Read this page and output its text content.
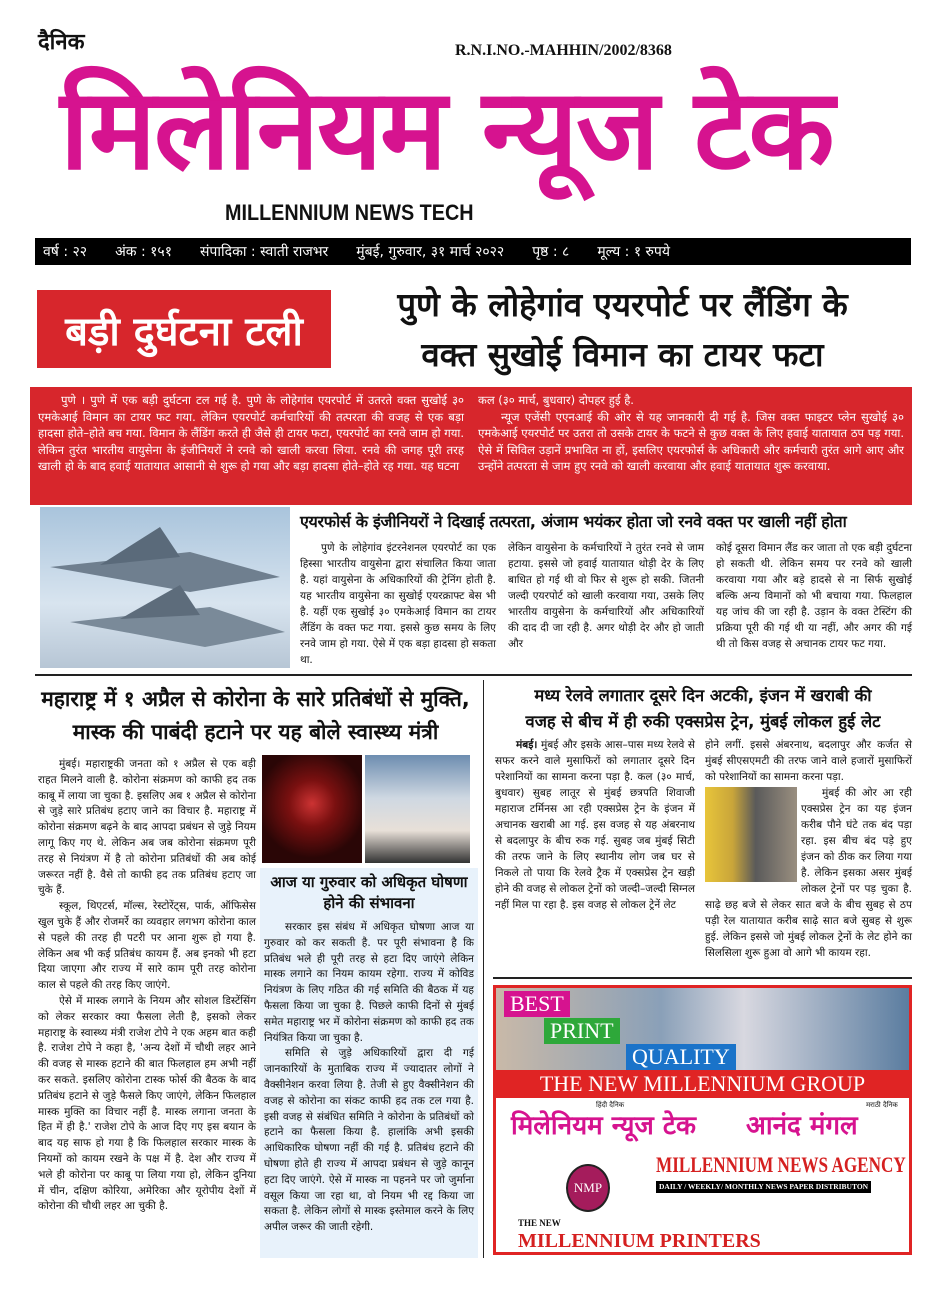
दैनिक	R.N.I.NO.-MAHHIN/2002/8368
मिलेनियम न्यूज टेक
MILLENNIUM NEWS TECH
वर्ष : २२ अंक : १५१ संपादिका : स्वाती राजभर मुंबई, गुरुवार, ३१ मार्च २०२२ पृष्ठ : ८ मूल्य : १ रुपये
बड़ी दुर्घटना टली
पुणे के लोहेगांव एयरपोर्ट पर लैंडिंग के
वक्त सुखोई विमान का टायर फटा

पुणे । पुणे में एक बड़ी दुर्घटना टल गई है. पुणे के लोहेगांव एयरपोर्ट में उतरते वक्त सुखोई ३० एमकेआई विमान का टायर फट गया. लेकिन एयरपोर्ट कर्मचारियों की तत्परता की वजह से एक बड़ा हादसा होते–होते बच गया. विमान के लैंडिंग करते ही जैसे ही टायर फटा, एयरपोर्ट का रनवे जाम हो गया. लेकिन तुरंत भारतीय वायुसेना के इंजीनियरों ने रनवे को खाली करवा लिया. रनवे की जगह पूरी तरह खाली हो के बाद हवाई यातायात आसानी से शुरू हो गया और बड़ा हादसा होते–होते रह गया. यह घटना

कल (३० मार्च, बुधवार) दोपहर हुई है.

न्यूज एजेंसी एएनआई की ओर से यह जानकारी दी गई है. जिस वक्त फाइटर प्लेन सुखोई ३० एमकेआई एयरपोर्ट पर उतरा तो उसके टायर के फटने से कुछ वक्त के लिए हवाई यातायात ठप पड़ गया. ऐसे में सिविल उड़ानें प्रभावित ना हों, इसलिए एयरफोर्स के अधिकारी और कर्मचारी तुरंत आगे आए और उन्होंने तत्परता से जाम हुए रनवे को खाली करवाया और हवाई यातायात शुरू करवाया.

एयरफोर्स के इंजीनियरों ने दिखाई तत्परता, अंजाम भयंकर होता जो रनवे वक्त पर खाली नहीं होता

पुणे के लोहेगांव इंटरनेशनल एयरपोर्ट का एक हिस्सा भारतीय वायुसेना द्वारा संचालित किया जाता है. यहां वायुसेना के अधिकारियों की ट्रेनिंग होती है. यह भारतीय वायुसेना का सुखोई एयरक्राफ्ट बेस भी है. यहीं एक सुखोई ३० एमकेआई विमान का टायर लैंडिंग के वक्त फट गया. इससे कुछ समय के लिए रनवे जाम हो गया. ऐसे में एक बड़ा हादसा हो सकता था.

लेकिन वायुसेना के कर्मचारियों ने तुरंत रनवे से जाम हटाया. इससे जो हवाई यातायात थोड़ी देर के लिए बाधित हो गई थी वो फिर से शुरू हो सकी. जितनी जल्दी एयरपोर्ट को खाली करवाया गया, उसके लिए भारतीय वायुसेना के कर्मचारियों और अधिकारियों की दाद दी जा रही है. अगर थोड़ी देर और हो जाती और

कोई दूसरा विमान लैंड कर जाता तो एक बड़ी दुर्घटना हो सकती थी. लेकिन समय पर रनवे को खाली करवाया गया और बड़े हादसे से ना सिर्फ सुखोई बल्कि अन्य विमानों को भी बचाया गया. फिलहाल यह जांच की जा रही है. उड़ान के वक्त टेस्टिंग की प्रक्रिया पूरी की गई थी या नहीं, और अगर की गई थी तो किस वजह से अचानक टायर फट गया.

महाराष्ट्र में १ अप्रैल से कोरोना के सारे प्रतिबंधों से मुक्ति,
मास्क की पाबंदी हटाने पर यह बोले स्वास्थ्य मंत्री

मुंबई। महाराष्ट्रकी जनता को १ अप्रैल से एक बड़ी राहत मिलने वाली है. कोरोना संक्रमण को काफी हद तक काबू में लाया जा चुका है. इसलिए अब १ अप्रैल से कोरोना से जुड़े सारे प्रतिबंध हटाए जाने का विचार है. महाराष्ट्र में कोरोना संक्रमण बढ़ने के बाद आपदा प्रबंधन से जुड़े नियम लागू किए गए थे. लेकिन अब जब कोरोना संक्रमण पूरी तरह से नियंत्रण में है तो कोरोना प्रतिबंधों की अब कोई जरूरत नहीं है. वैसे तो काफी हद तक प्रतिबंध हटाए जा चुके हैं.

स्कूल, थिएटर्स, मॉल्स, रेस्टोरेंट्स, पार्क, ऑफिसेस खुल चुके हैं और रोजमर्रे का व्यवहार लगभग कोरोना काल से पहले की तरह ही पटरी पर आना शुरू हो गया है. लेकिन अब भी कई प्रतिबंध कायम हैं. अब इनको भी हटा दिया जाएगा और राज्य में सारे काम पूरी तरह कोरोना काल से पहले की तरह किए जाएंगे.

ऐसे में मास्क लगाने के नियम और सोशल डिस्टेंसिंग को लेकर सरकार क्या फैसला लेती है, इसको लेकर महाराष्ट्र के स्वास्थ्य मंत्री राजेश टोपे ने एक अहम बात कही है. राजेश टोपे ने कहा है, 'अन्य देशों में चौथी लहर आने की वजह से मास्क हटाने की बात फिलहाल हम अभी नहीं कर सकते. इसलिए कोरोना टास्क फोर्स की बैठक के बाद प्रतिबंध हटाने से जुड़े फैसले किए जाएंगे, लेकिन फिलहाल मास्क मुक्ति का विचार नहीं है. मास्क लगाना जनता के हित में ही है.' राजेश टोपे के आज दिए गए इस बयान के बाद यह साफ हो गया है कि फिलहाल सरकार मास्क के नियमों को कायम रखने के पक्ष में है. देश और राज्य में भले ही कोरोना पर काबू पा लिया गया हो, लेकिन दुनिया में चीन, दक्षिण कोरिया, अमेरिका और यूरोपीय देशों में कोरोना की चौथी लहर आ चुकी है.

आज या गुरुवार को अधिकृत घोषणा होने की संभावना

सरकार इस संबंध में अधिकृत घोषणा आज या गुरुवार को कर सकती है. पर पूरी संभावना है कि प्रतिबंध भले ही पूरी तरह से हटा दिए जाएंगे लेकिन मास्क लगाने का नियम कायम रहेगा. राज्य में कोविड नियंत्रण के लिए गठित की गई समिति की बैठक में यह फैसला किया जा चुका है. पिछले काफी दिनों से मुंबई समेत महाराष्ट्र भर में कोरोना संक्रमण को काफी हद तक नियंत्रित किया जा चुका है.

समिति से जुड़े अधिकारियों द्वारा दी गई जानकारियों के मुताबिक राज्य में ज्यादातर लोगों ने वैक्सीनेशन करवा लिया है. तेजी से हुए वैक्सीनेशन की वजह से कोरोना का संकट काफी हद तक टल गया है. इसी वजह से संबंधित समिति ने कोरोना के प्रतिबंधों को हटाने का फैसला किया है. हालांकि अभी इसकी आधिकारिक घोषणा नहीं की गई है. प्रतिबंध हटाने की घोषणा होते ही राज्य में आपदा प्रबंधन से जुड़े कानून हटा दिए जाएंगे. ऐसे में मास्क ना पहनने पर जो जुर्माना वसूल किया जा रहा था, वो नियम भी रद्द किया जा सकता है. लेकिन लोगों से मास्क इस्तेमाल करने के लिए अपील जरूर की जाती रहेगी.

मध्य रेलवे लगातार दूसरे दिन अटकी, इंजन में खराबी की
वजह से बीच में ही रुकी एक्सप्रेस ट्रेन, मुंबई लोकल हुई लेट
मंबई। मुंबई और इसके आस–पास मध्य रेलवे से सफर करने वाले मुसाफिरों को लगातार दूसरे दिन परेशानियों का सामना करना पड़ा है. कल (३० मार्च, बुधवार) सुबह लातूर से मुंबई छत्रपति शिवाजी महाराज टर्मिनस आ रही एक्सप्रेस ट्रेन के इंजन में अचानक खराबी आ गई. इस वजह से यह अंबरनाथ से बदलापुर के बीच रुक गई. सुबह जब मुंबई सिटी की तरफ जाने के लिए स्थानीय लोग जब घर से निकले तो पाया कि रेलवे ट्रैक में एक्सप्रेस ट्रेन खड़ी होने की वजह से लोकल ट्रेनों को जल्दी–जल्दी सिग्नल नहीं मिल पा रहा है. इस वजह से लोकल ट्रेनें लेट

होने लगीं. इससे अंबरनाथ, बदलापुर और कर्जत से मुंबई सीएसएमटी की तरफ जाने वाले हजारों मुसाफिरों को परेशानियों का सामना करना पड़ा.

मुंबई की ओर आ रही एक्सप्रेस ट्रेन का यह इंजन करीब पौने घंटे तक बंद पड़ा रहा. इस बीच बंद पड़े हुए इंजन को ठीक कर लिया गया है. लेकिन इसका असर मुंबई लोकल ट्रेनों पर पड़ चुका है. साढ़े छह बजे से लेकर सात बजे के बीच सुबह से ठप पड़ी रेल यातायात करीब साढ़े सात बजे सुबह से शुरू हुई. लेकिन इससे जो मुंबई लोकल ट्रेनों के लेट होने का सिलसिला शुरू हुआ वो आगे भी कायम रहा.

BEST
PRINT
QUALITY
THE NEW MILLENNIUM GROUP
हिंदी दैनिक
मिलेनियम न्यूज टेक
मराठी दैनिक
आनंद मंगल
NMP
MILLENNIUM NEWS AGENCY
DAILY / WEEKLY/ MONTHLY NEWS PAPER DISTRIBUTON
THE NEW
MILLENNIUM PRINTERS
